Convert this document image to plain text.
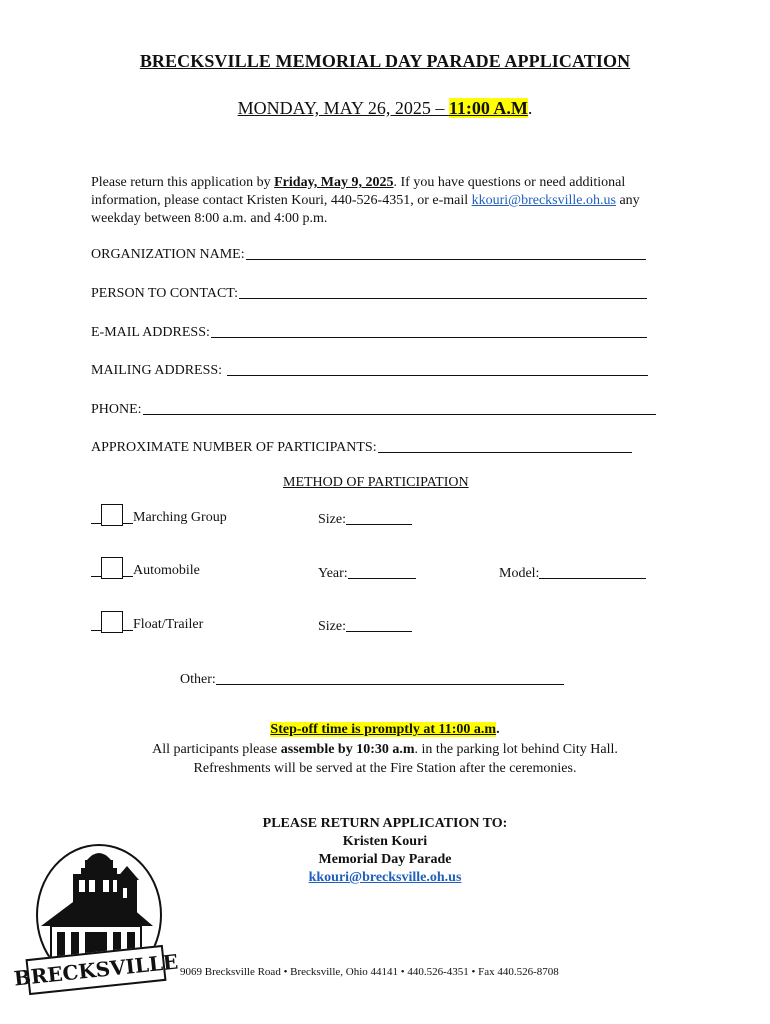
BRECKSVILLE MEMORIAL DAY PARADE APPLICATION
MONDAY, MAY 26, 2025 – 11:00 A.M.
Please return this application by Friday, May 9, 2025. If you have questions or need additional information, please contact Kristen Kouri, 440-526-4351, or e-mail kkouri@brecksville.oh.us any weekday between 8:00 a.m. and 4:00 p.m.
ORGANIZATION NAME:
PERSON TO CONTACT:
E-MAIL ADDRESS:
MAILING ADDRESS:
PHONE:
APPROXIMATE NUMBER OF PARTICIPANTS:
METHOD OF PARTICIPATION
Marching Group	Size:
Automobile	Year:	Model:
Float/Trailer	Size:
Other:
Step-off time is promptly at 11:00 a.m.
All participants please assemble by 10:30 a.m. in the parking lot behind City Hall.
Refreshments will be served at the Fire Station after the ceremonies.
PLEASE RETURN APPLICATION TO:
Kristen Kouri
Memorial Day Parade
kkouri@brecksville.oh.us
BRECKSVILLE 9069 Brecksville Road • Brecksville, Ohio 44141 • 440.526-4351 • Fax 440.526-8708
